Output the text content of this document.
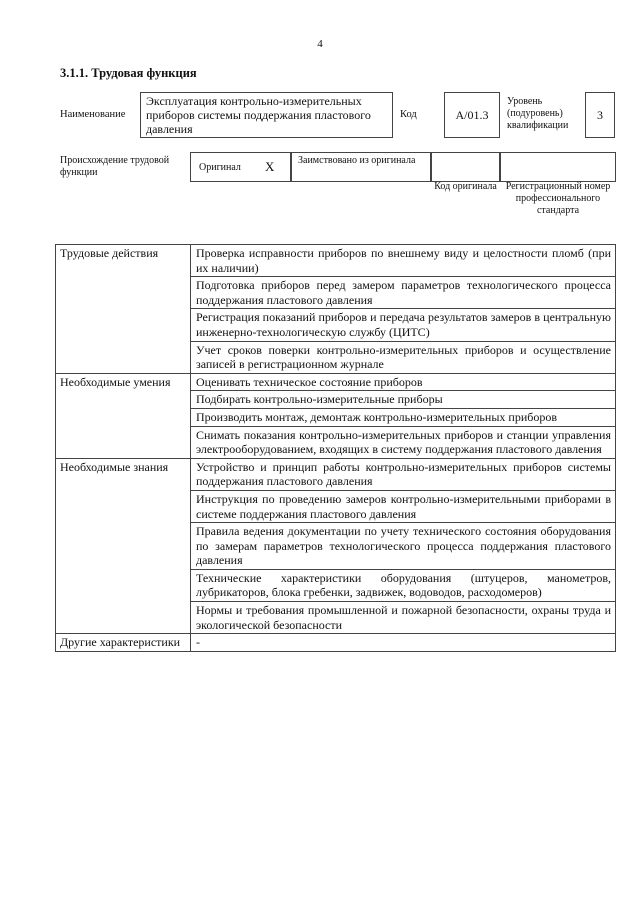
4
3.1.1. Трудовая функция
Наименование
Эксплуатация контрольно-измерительных приборов системы поддержания пластового давления
Код	А/01.3
Уровень (подуровень) квалификации
3
Происхождение трудовой функции	Оригинал X Заимствовано из оригинала
Код оригинала Регистрационный номер профессионального стандарта
Трудовые действия	Проверка исправности приборов по внешнему виду и целостности пломб (при их наличии)
	Подготовка приборов перед замером параметров технологического процесса поддержания пластового давления
	Регистрация показаний приборов и передача результатов замеров в центральную инженерно-технологическую службу (ЦИТС)
	Учет сроков поверки контрольно-измерительных приборов и осуществление записей в регистрационном журнале
Необходимые умения	Оценивать техническое состояние приборов
	Подбирать контрольно-измерительные приборы
	Производить монтаж, демонтаж контрольно-измерительных приборов
	Снимать показания контрольно-измерительных приборов и станции управления электрооборудованием, входящих в систему поддержания пластового давления
Необходимые знания	Устройство и принцип работы контрольно-измерительных приборов системы поддержания пластового давления
	Инструкция по проведению замеров контрольно-измерительными приборами в системе поддержания пластового давления
	Правила ведения документации по учету технического состояния оборудования по замерам параметров технологического процесса поддержания пластового давления
	Технические характеристики оборудования (штуцеров, манометров, лубрикаторов, блока гребенки, задвижек, водоводов, расходомеров)
	Нормы и требования промышленной и пожарной безопасности, охраны труда и экологической безопасности
Другие характеристики	-
